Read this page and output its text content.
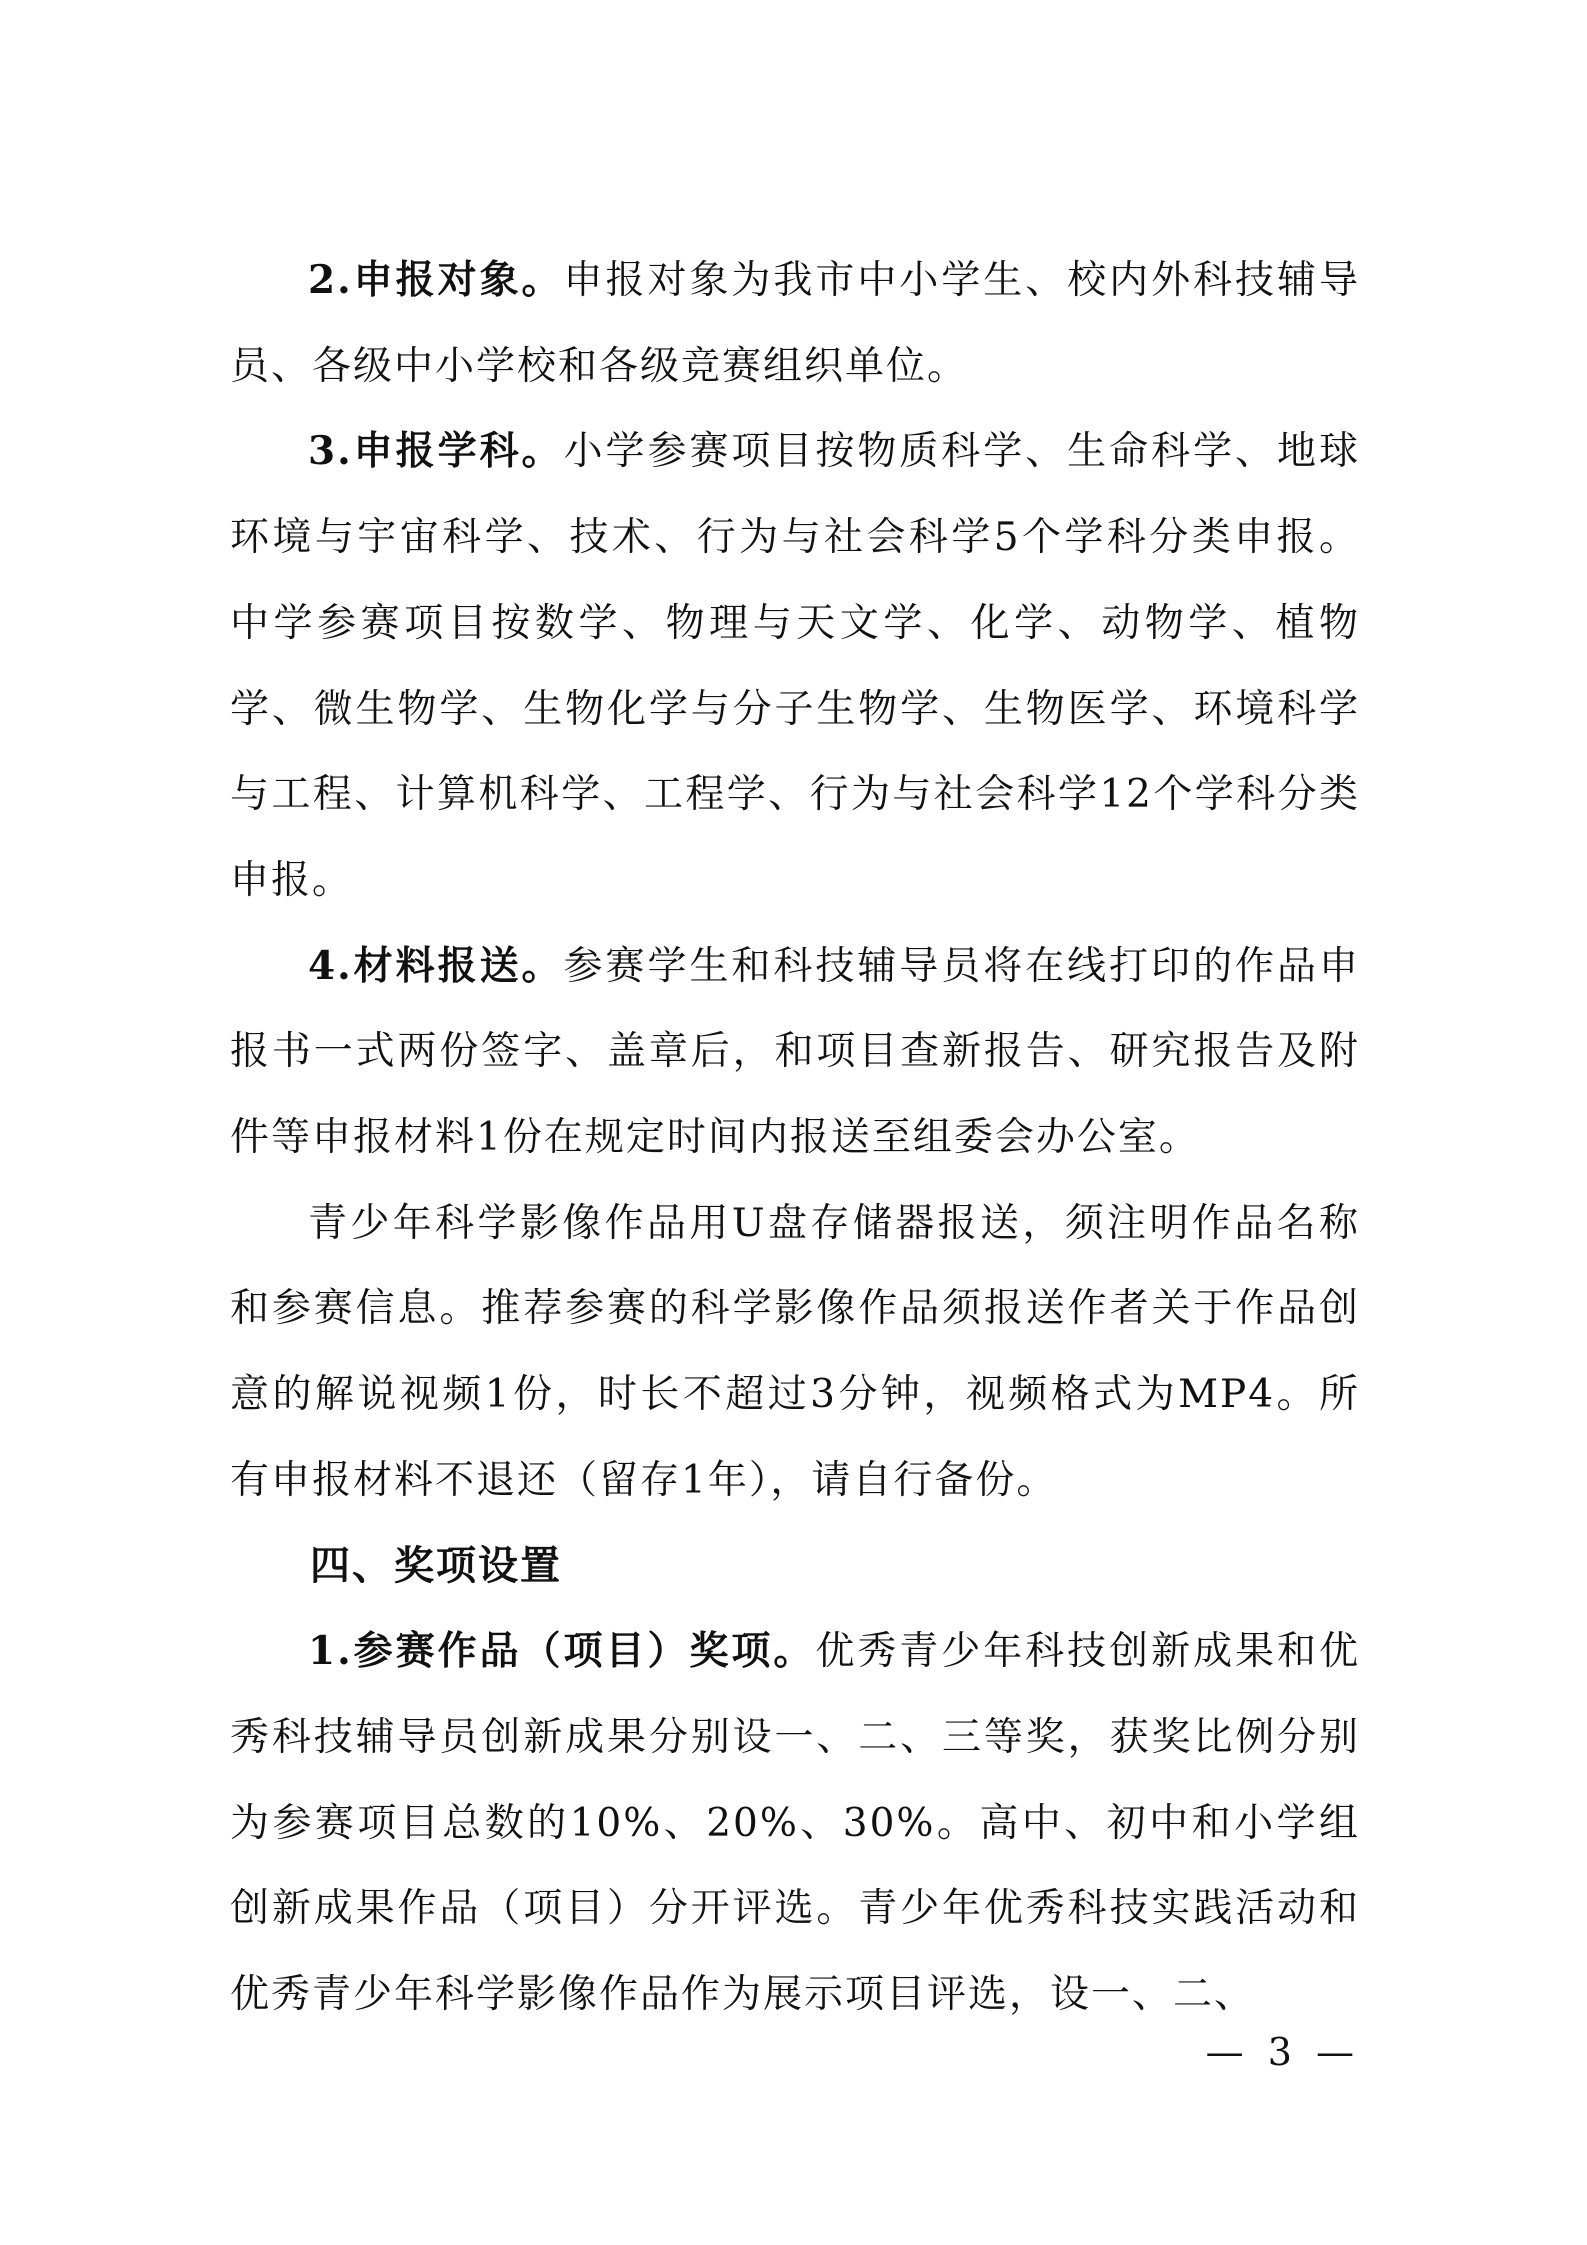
2.申报对象。申报对象为我市中小学生、校内外科技辅导员、各级中小学校和各级竞赛组织单位。

3.申报学科。小学参赛项目按物质科学、生命科学、地球环境与宇宙科学、技术、行为与社会科学5个学科分类申报。中学参赛项目按数学、物理与天文学、化学、动物学、植物学、微生物学、生物化学与分子生物学、生物医学、环境科学与工程、计算机科学、工程学、行为与社会科学12个学科分类申报。

4.材料报送。参赛学生和科技辅导员将在线打印的作品申报书一式两份签字、盖章后，和项目查新报告、研究报告及附件等申报材料1份在规定时间内报送至组委会办公室。

青少年科学影像作品用U盘存储器报送，须注明作品名称和参赛信息。推荐参赛的科学影像作品须报送作者关于作品创意的解说视频1份，时长不超过3分钟，视频格式为MP4。所有申报材料不退还（留存1年），请自行备份。

四、奖项设置

1.参赛作品（项目）奖项。优秀青少年科技创新成果和优秀科技辅导员创新成果分别设一、二、三等奖，获奖比例分别为参赛项目总数的10%、20%、30%。高中、初中和小学组创新成果作品（项目）分开评选。青少年优秀科技实践活动和优秀青少年科学影像作品作为展示项目评选，设一、二、

— 3 —
